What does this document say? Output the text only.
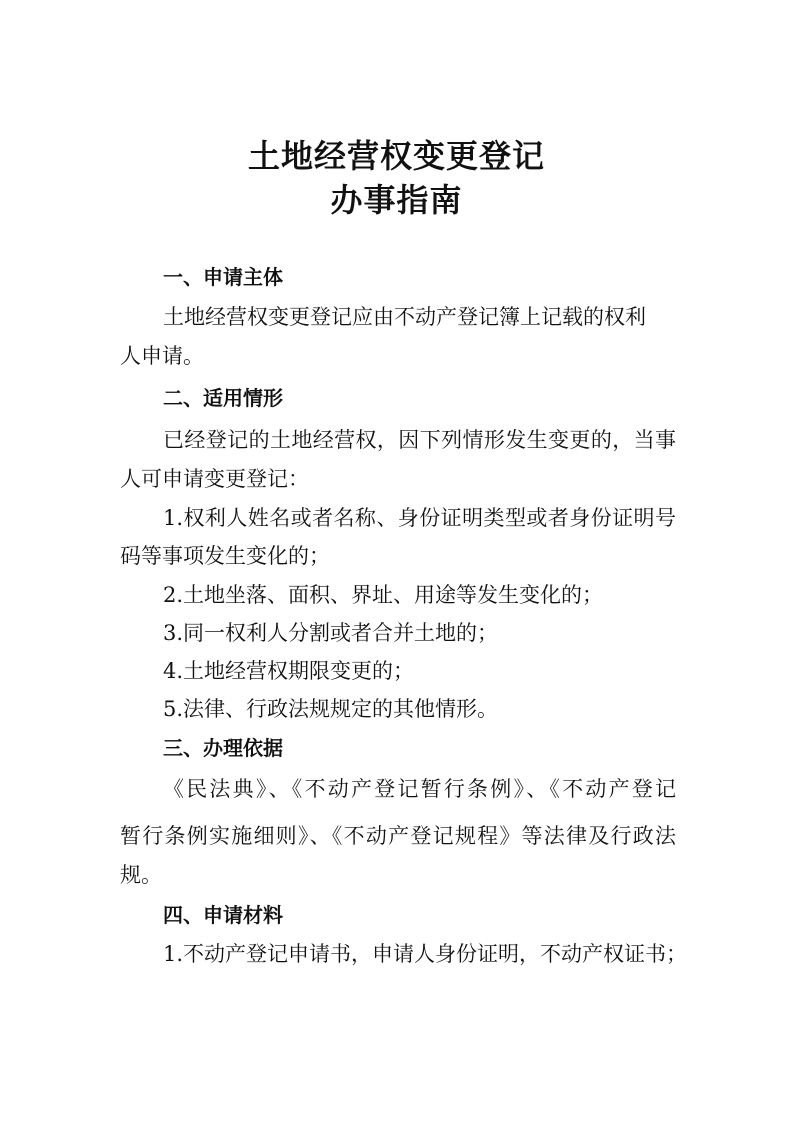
土地经营权变更登记
办事指南
一、申请主体
土地经营权变更登记应由不动产登记簿上记载的权利
人申请。
二、适用情形
已经登记的土地经营权，因下列情形发生变更的，当事
人可申请变更登记：
1.权利人姓名或者名称、身份证明类型或者身份证明号
码等事项发生变化的；
2.土地坐落、面积、界址、用途等发生变化的；
3.同一权利人分割或者合并土地的；
4.土地经营权期限变更的；
5.法律、行政法规规定的其他情形。
三、办理依据
《民法典》、《不动产登记暂行条例》、《不动产登记
暂行条例实施细则》、《不动产登记规程》等法律及行政法
规。
四、申请材料
1.不动产登记申请书，申请人身份证明，不动产权证书；
